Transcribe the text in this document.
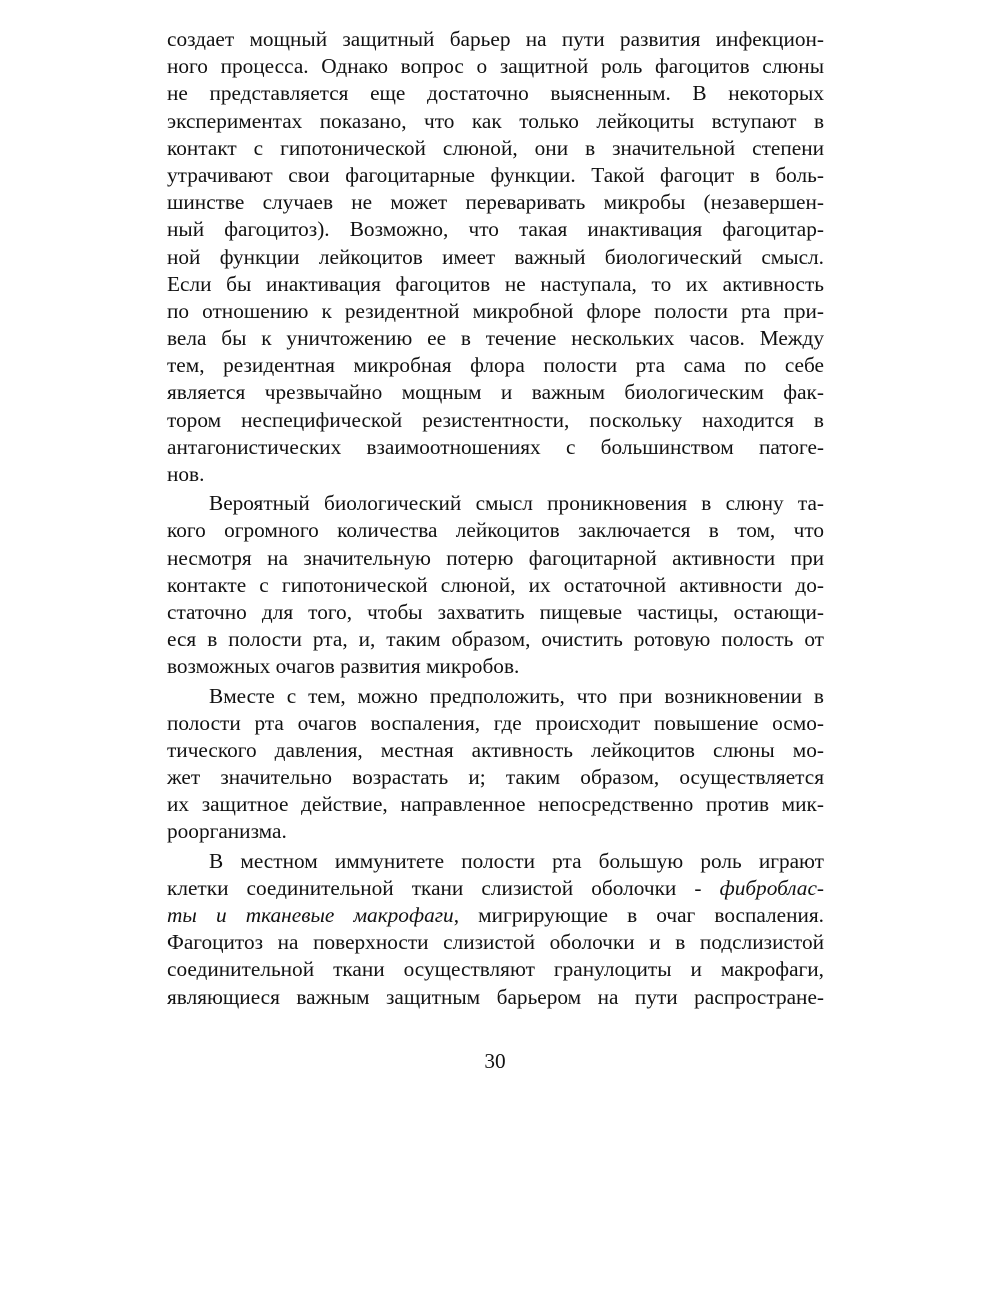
создает мощный защитный барьер на пути развития инфекцион-
ного процесса. Однако вопрос о защитной роль фагоцитов слюны
не представляется еще достаточно выясненным. В некоторых
экспериментах показано, что как только лейкоциты вступают в
контакт с гипотонической слюной, они в значительной степени
утрачивают свои фагоцитарные функции. Такой фагоцит в боль-
шинстве случаев не может переваривать микробы (незавершен-
ный фагоцитоз). Возможно, что такая инактивация фагоцитар-
ной функции лейкоцитов имеет важный биологический смысл.
Если бы инактивация фагоцитов не наступала, то их активность
по отношению к резидентной микробной флоре полости рта при-
вела бы к уничтожению ее в течение нескольких часов. Между
тем, резидентная микробная флора полости рта сама по себе
является чрезвычайно мощным и важным биологическим фак-
тором неспецифической резистентности, поскольку находится в
антагонистических взаимоотношениях с большинством патоге-
нов.
Вероятный биологический смысл проникновения в слюну та-
кого огромного количества лейкоцитов заключается в том, что
несмотря на значительную потерю фагоцитарной активности при
контакте с гипотонической слюной, их остаточной активности до-
статочно для того, чтобы захватить пищевые частицы, остающи-
еся в полости рта, и, таким образом, очистить ротовую полость от
возможных очагов развития микробов.
Вместе с тем, можно предположить, что при возникновении в
полости рта очагов воспаления, где происходит повышение осмо-
тического давления, местная активность лейкоцитов слюны мо-
жет значительно возрастать и; таким образом, осуществляется
их защитное действие, направленное непосредственно против мик-
роорганизма.
В местном иммунитете полости рта большую роль играют
клетки соединительной ткани слизистой оболочки - фиброблас-
ты и тканевые макрофаги, мигрирующие в очаг воспаления.
Фагоцитоз на поверхности слизистой оболочки и в подслизистой
соединительной ткани осуществляют гранулоциты и макрофаги,
являющиеся важным защитным барьером на пути распростране-
30
